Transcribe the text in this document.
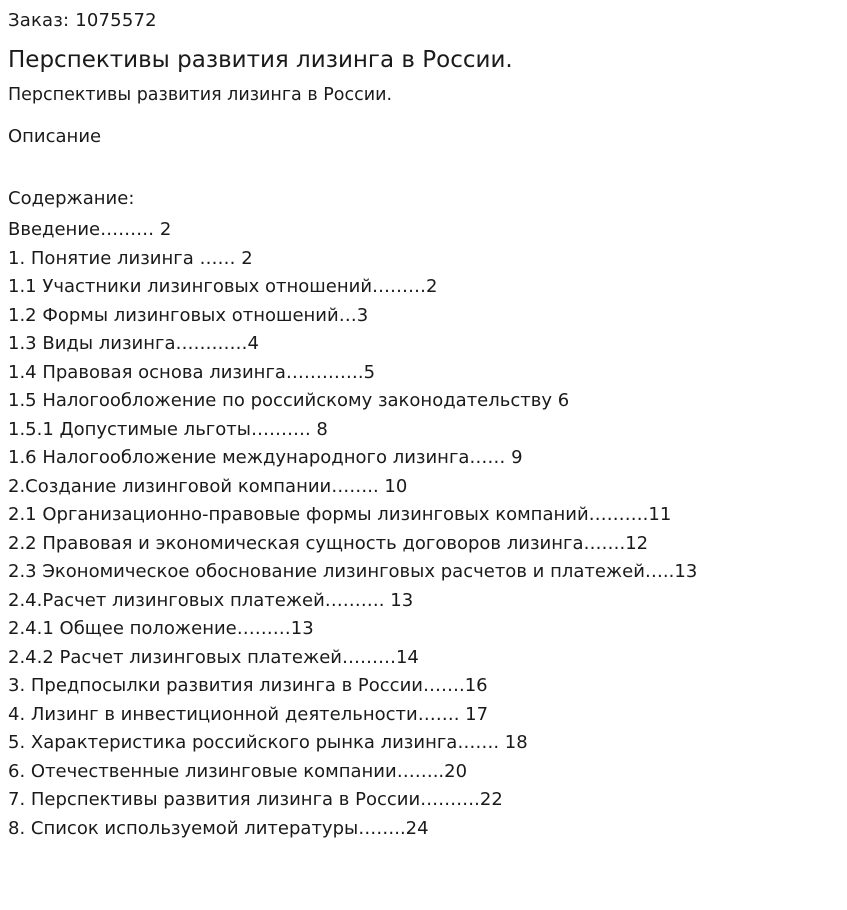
Заказ: 1075572
Перспективы развития лизинга в России.
Перспективы развития лизинга в России.
Описание
Содержание:
Введение……… 2
1. Понятие лизинга …… 2
1.1 Участники лизинговых отношений………2
1.2 Формы лизинговых отношений…3
1.3 Виды лизинга…………4
1.4 Правовая основа лизинга………….5
1.5 Налогообложение по российскому законодательству 6
1.5.1 Допустимые льготы………. 8
1.6 Налогообложение международного лизинга…… 9
2.Создание лизинговой компании…….. 10
2.1 Организационно-правовые формы лизинговых компаний……….11
2.2 Правовая и экономическая сущность договоров лизинга…….12
2.3 Экономическое обоснование лизинговых расчетов и платежей…..13
2.4.Расчет лизинговых платежей………. 13
2.4.1 Общее положение………13
2.4.2 Расчет лизинговых платежей………14
3. Предпосылки развития лизинга в России…….16
4. Лизинг в инвестиционной деятельности……. 17
5. Характеристика российского рынка лизинга……. 18
6. Отечественные лизинговые компании……..20
7. Перспективы развития лизинга в России……….22
8. Список используемой литературы……..24
